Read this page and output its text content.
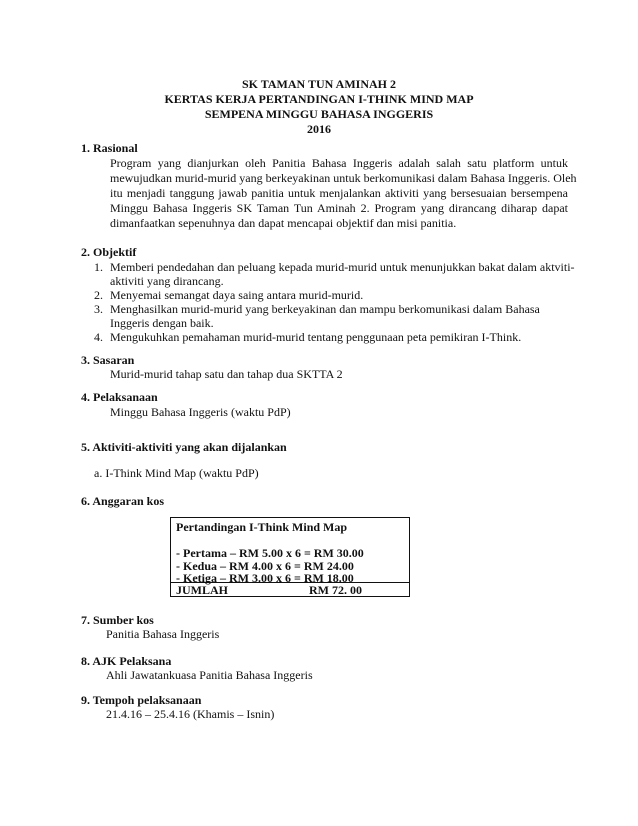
SK TAMAN TUN AMINAH 2
KERTAS KERJA PERTANDINGAN I-THINK MIND MAP
SEMPENA MINGGU BAHASA INGGERIS
2016
1. Rasional
Program yang dianjurkan oleh Panitia Bahasa Inggeris adalah salah satu platform untuk
mewujudkan murid-murid yang berkeyakinan untuk berkomunikasi dalam Bahasa Inggeris. Oleh
itu menjadi tanggung jawab panitia untuk menjalankan aktiviti yang bersesuaian bersempena
Minggu Bahasa Inggeris SK Taman Tun Aminah 2. Program yang dirancang diharap dapat
dimanfaatkan sepenuhnya dan dapat mencapai objektif dan misi panitia.
2. Objektif
1. Memberi pendedahan dan peluang kepada murid-murid untuk menunjukkan bakat dalam aktviti-
aktiviti yang dirancang.
2. Menyemai semangat daya saing antara murid-murid.
3. Menghasilkan murid-murid yang berkeyakinan dan mampu berkomunikasi dalam Bahasa
Inggeris dengan baik.
4. Mengukuhkan pemahaman murid-murid tentang penggunaan peta pemikiran I-Think.
3. Sasaran
Murid-murid tahap satu dan tahap dua SKTTA 2
4. Pelaksanaan
Minggu Bahasa Inggeris (waktu PdP)
5. Aktiviti-aktiviti yang akan dijalankan
a. I-Think Mind Map (waktu PdP)
6. Anggaran kos
Pertandingan I-Think Mind Map
- Pertama – RM 5.00 x 6 = RM 30.00
- Kedua – RM 4.00 x 6 = RM 24.00
- Ketiga – RM 3.00 x 6 = RM 18.00
JUMLAH	RM 72. 00
7. Sumber kos
Panitia Bahasa Inggeris
8. AJK Pelaksana
Ahli Jawatankuasa Panitia Bahasa Inggeris
9. Tempoh pelaksanaan
21.4.16 – 25.4.16 (Khamis – Isnin)
